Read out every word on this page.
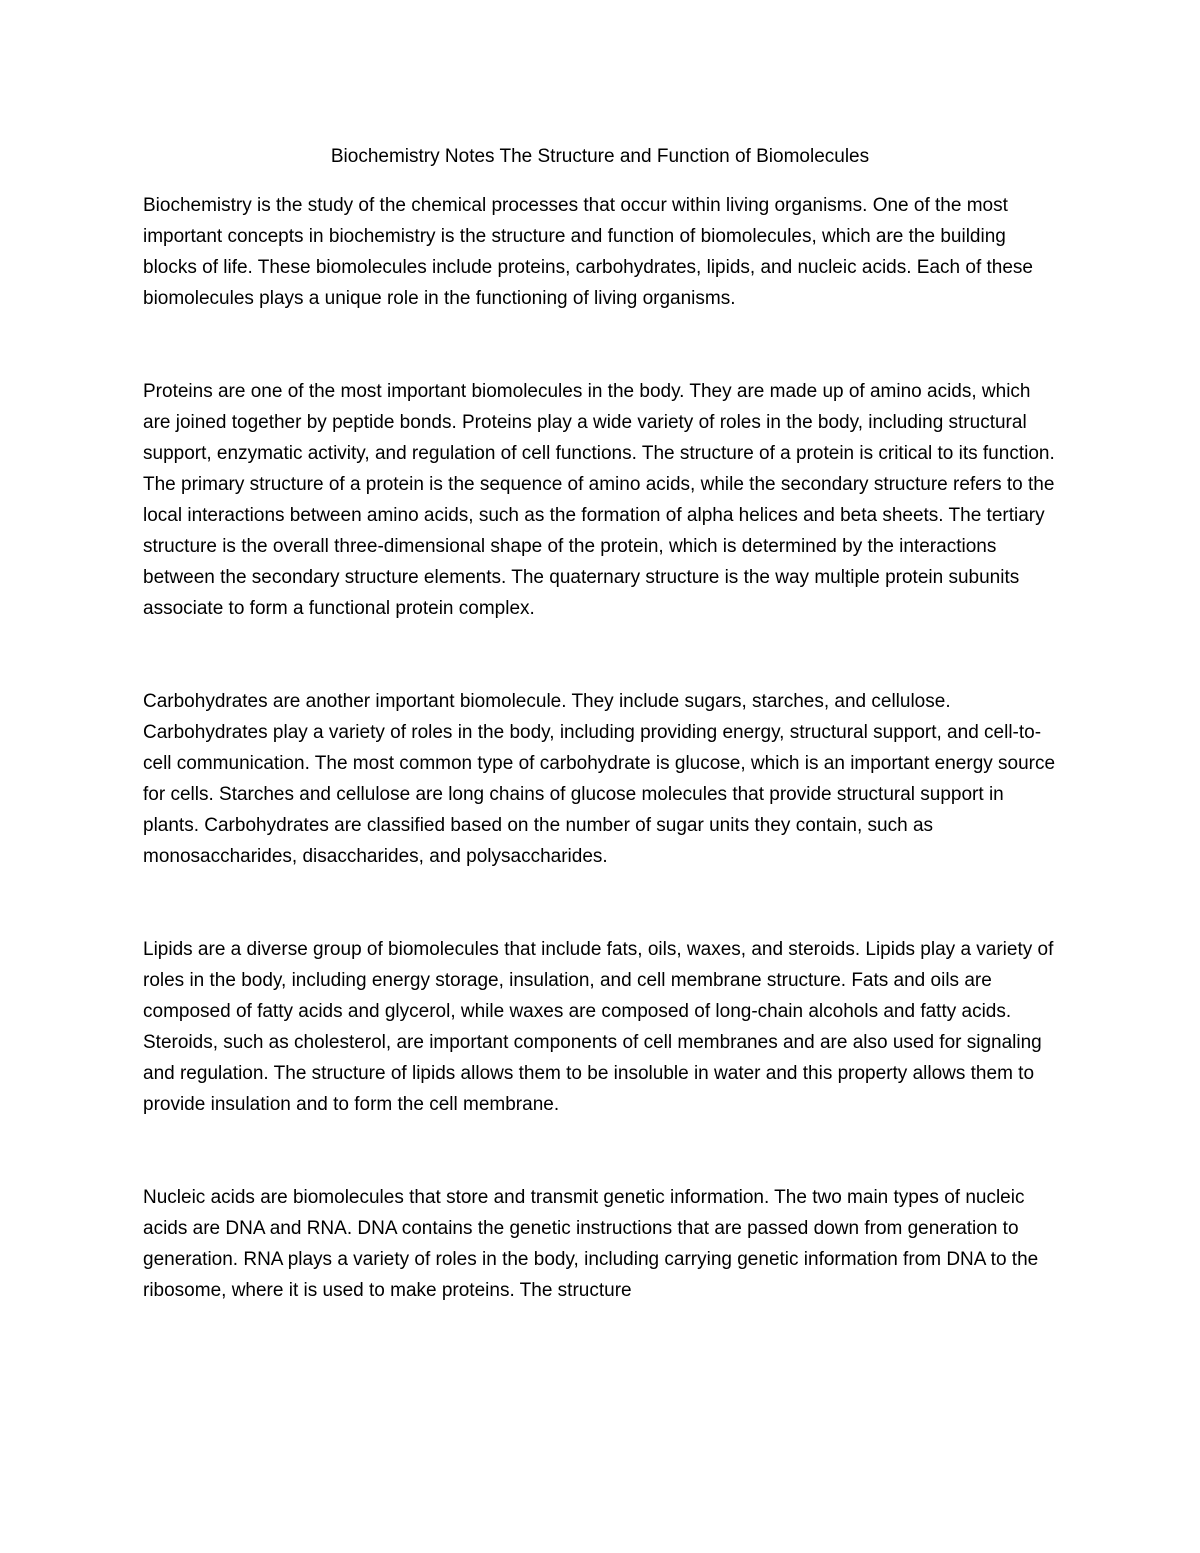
Biochemistry Notes The Structure and Function of Biomolecules

Biochemistry is the study of the chemical processes that occur within living organisms. One of the most important concepts in biochemistry is the structure and function of biomolecules, which are the building blocks of life. These biomolecules include proteins, carbohydrates, lipids, and nucleic acids. Each of these biomolecules plays a unique role in the functioning of living organisms.

Proteins are one of the most important biomolecules in the body. They are made up of amino acids, which are joined together by peptide bonds. Proteins play a wide variety of roles in the body, including structural support, enzymatic activity, and regulation of cell functions. The structure of a protein is critical to its function. The primary structure of a protein is the sequence of amino acids, while the secondary structure refers to the local interactions between amino acids, such as the formation of alpha helices and beta sheets. The tertiary structure is the overall three-dimensional shape of the protein, which is determined by the interactions between the secondary structure elements. The quaternary structure is the way multiple protein subunits associate to form a functional protein complex.

Carbohydrates are another important biomolecule. They include sugars, starches, and cellulose. Carbohydrates play a variety of roles in the body, including providing energy, structural support, and cell-to-cell communication. The most common type of carbohydrate is glucose, which is an important energy source for cells. Starches and cellulose are long chains of glucose molecules that provide structural support in plants. Carbohydrates are classified based on the number of sugar units they contain, such as monosaccharides, disaccharides, and polysaccharides.

Lipids are a diverse group of biomolecules that include fats, oils, waxes, and steroids. Lipids play a variety of roles in the body, including energy storage, insulation, and cell membrane structure. Fats and oils are composed of fatty acids and glycerol, while waxes are composed of long-chain alcohols and fatty acids. Steroids, such as cholesterol, are important components of cell membranes and are also used for signaling and regulation. The structure of lipids allows them to be insoluble in water and this property allows them to provide insulation and to form the cell membrane.

Nucleic acids are biomolecules that store and transmit genetic information. The two main types of nucleic acids are DNA and RNA. DNA contains the genetic instructions that are passed down from generation to generation. RNA plays a variety of roles in the body, including carrying genetic information from DNA to the ribosome, where it is used to make proteins. The structure
